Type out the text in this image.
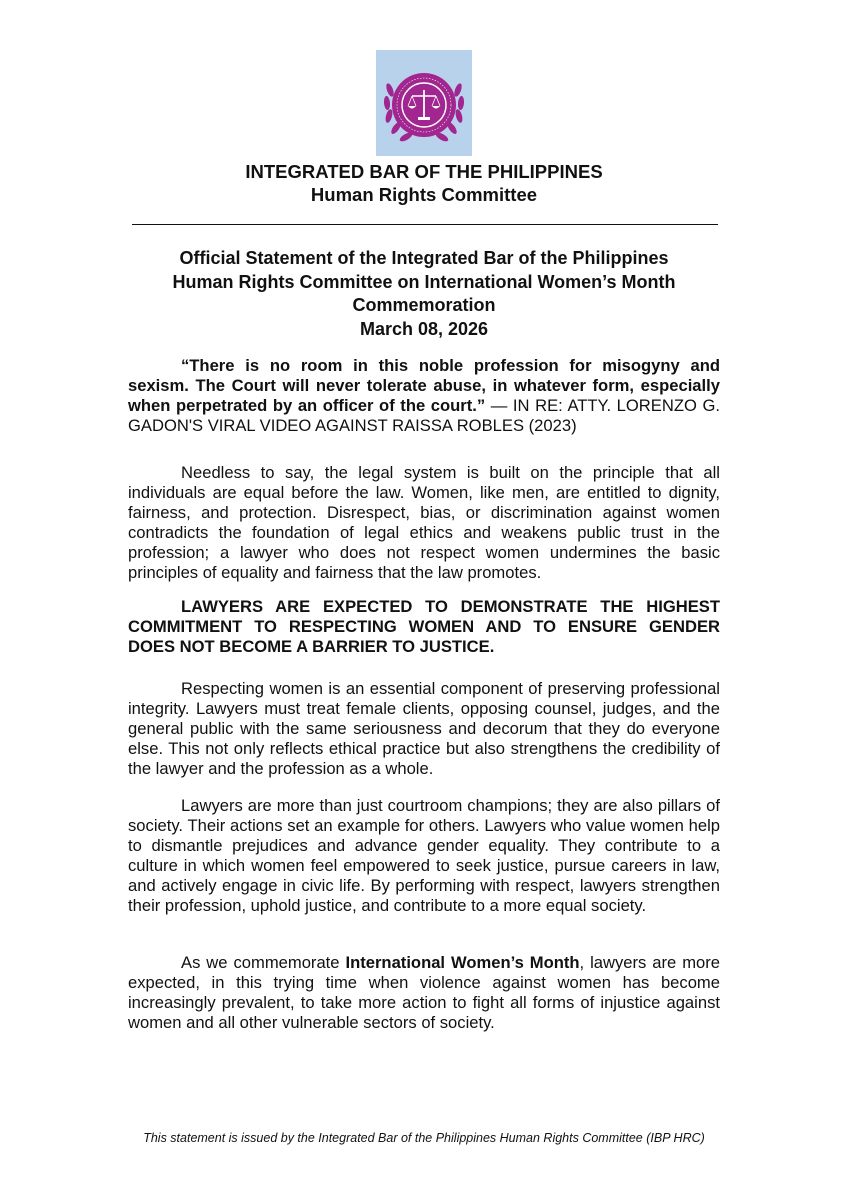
INTEGRATED BAR OF THE PHILIPPINES
Human Rights Committee
Official Statement of the Integrated Bar of the Philippines
Human Rights Committee on International Women’s Month
Commemoration
March 08, 2026

“There is no room in this noble profession for misogyny and sexism. The Court will never tolerate abuse, in whatever form, especially when perpetrated by an officer of the court.” — IN RE: ATTY. LORENZO G. GADON'S VIRAL VIDEO AGAINST RAISSA ROBLES (2023)

Needless to say, the legal system is built on the principle that all individuals are equal before the law. Women, like men, are entitled to dignity, fairness, and protection. Disrespect, bias, or discrimination against women contradicts the foundation of legal ethics and weakens public trust in the profession; a lawyer who does not respect women undermines the basic principles of equality and fairness that the law promotes.

LAWYERS ARE EXPECTED TO DEMONSTRATE THE HIGHEST COMMITMENT TO RESPECTING WOMEN AND TO ENSURE GENDER DOES NOT BECOME A BARRIER TO JUSTICE.

Respecting women is an essential component of preserving professional integrity. Lawyers must treat female clients, opposing counsel, judges, and the general public with the same seriousness and decorum that they do everyone else. This not only reflects ethical practice but also strengthens the credibility of the lawyer and the profession as a whole.

Lawyers are more than just courtroom champions; they are also pillars of society. Their actions set an example for others. Lawyers who value women help to dismantle prejudices and advance gender equality. They contribute to a culture in which women feel empowered to seek justice, pursue careers in law, and actively engage in civic life. By performing with respect, lawyers strengthen their profession, uphold justice, and contribute to a more equal society.

As we commemorate International Women’s Month, lawyers are more expected, in this trying time when violence against women has become increasingly prevalent, to take more action to fight all forms of injustice against women and all other vulnerable sectors of society.

This statement is issued by the Integrated Bar of the Philippines Human Rights Committee (IBP HRC)
